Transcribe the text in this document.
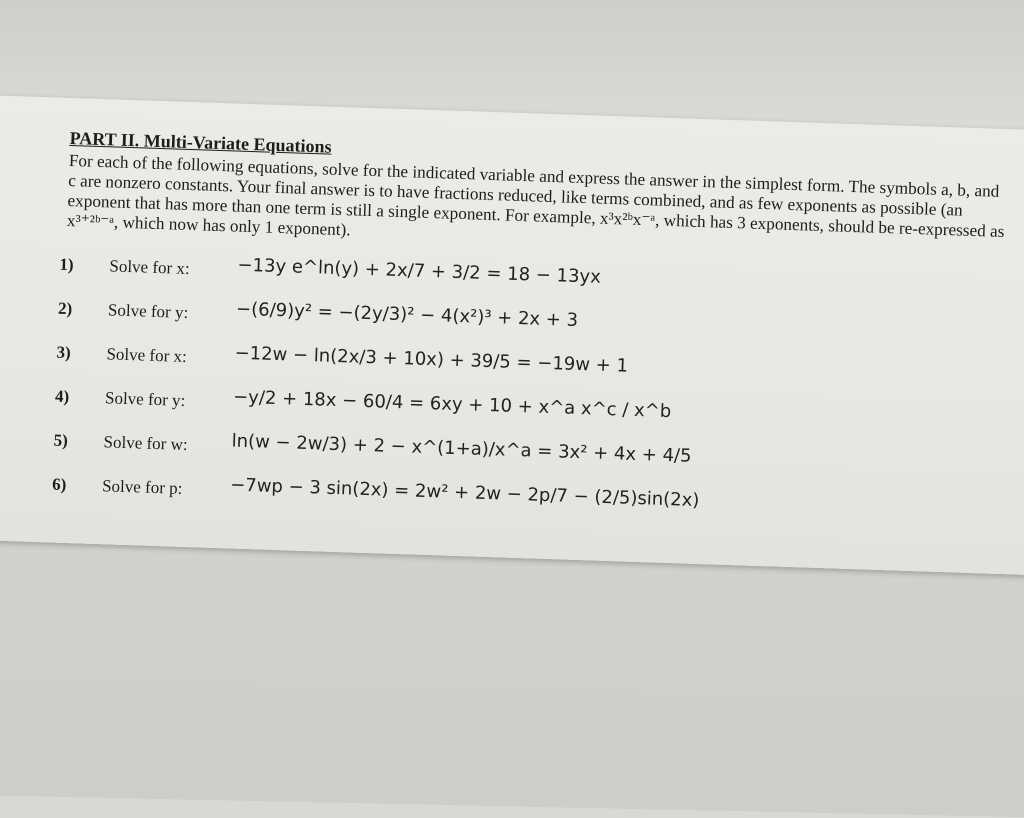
PART II. Multi-Variate Equations

For each of the following equations, solve for the indicated variable and express the answer in the simplest form. The symbols a, b, and c are nonzero constants. Your final answer is to have fractions reduced, like terms combined, and as few exponents as possible (an exponent that has more than one term is still a single exponent. For example, x³x²ᵇx⁻ᵃ, which has 3 exponents, should be re-expressed as x³⁺²ᵇ⁻ᵃ, which now has only 1 exponent).

1) Solve for x:	−13y e^ln(y) + 2x/7 + 3/2 = 18 − 13yx
2) Solve for y:	−(6/9)y² = −(2y/3)² − 4(x²)³ + 2x + 3
3) Solve for x:	−12w − ln(2x/3 + 10x) + 39/5 = −19w + 1
4) Solve for y:	−y/2 + 18x − 60/4 = 6xy + 10 + x^a x^c / x^b
5) Solve for w: ln(w − 2w/3) + 2 − x^(1+a)/x^a = 3x² + 4x + 4/5
6) Solve for p:	−7wp − 3 sin(2x) = 2w² + 2w − 2p/7 − (2/5)sin(2x)
